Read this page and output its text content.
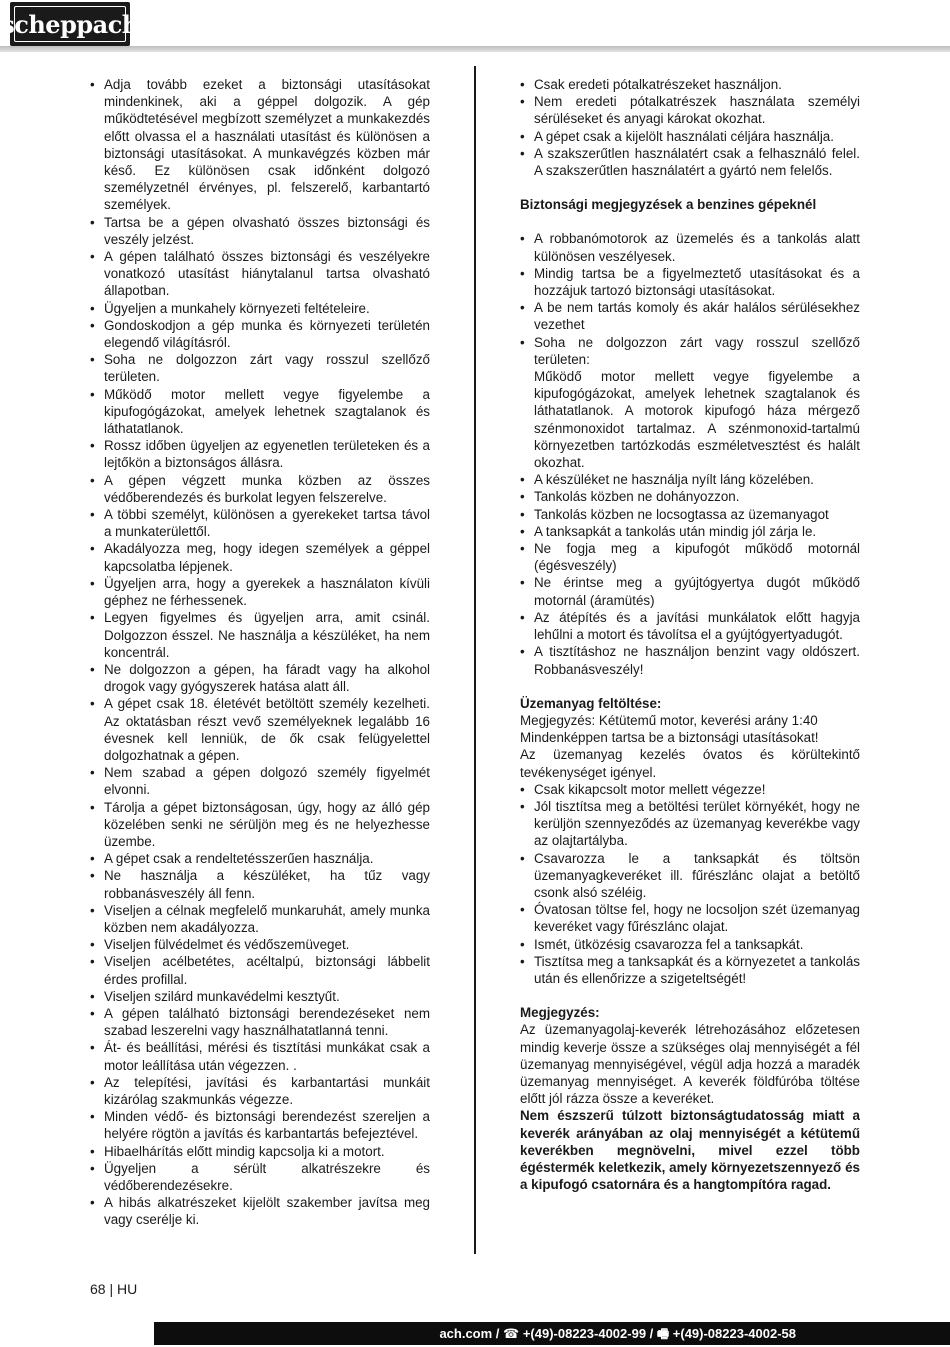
scheppach
• Adja tovább ezeket a biztonsági utasításokat mindenkinek, aki a géppel dolgozik. A gép működtetésével megbízott személyzet a munkakezdés előtt olvassa el a használati utasítást és különösen a biztonsági utasításokat. A munkavégzés közben már késő. Ez különösen csak időnként dolgozó személyzetnél érvényes, pl. felszerelő, karbantartó személyek.
• Tartsa be a gépen olvasható összes biztonsági és veszély jelzést.
• A gépen található összes biztonsági és veszélyekre vonatkozó utasítást hiánytalanul tartsa olvasható állapotban.
• Ügyeljen a munkahely környezeti feltételeire.
• Gondoskodjon a gép munka és környezeti területén elegendő világításról.
• Soha ne dolgozzon zárt vagy rosszul szellőző területen.
• Működő motor mellett vegye figyelembe a kipufogógázokat, amelyek lehetnek szagtalanok és láthatatlanok.
• Rossz időben ügyeljen az egyenetlen területeken és a lejtőkön a biztonságos állásra.
• A gépen végzett munka közben az összes védőberendezés és burkolat legyen felszerelve.
• A többi személyt, különösen a gyerekeket tartsa távol a munkaterülettől.
• Akadályozza meg, hogy idegen személyek a géppel kapcsolatba lépjenek.
• Ügyeljen arra, hogy a gyerekek a használaton kívüli géphez ne férhessenek.
• Legyen figyelmes és ügyeljen arra, amit csinál. Dolgozzon ésszel. Ne használja a készüléket, ha nem koncentrál.
• Ne dolgozzon a gépen, ha fáradt vagy ha alkohol drogok vagy gyógyszerek hatása alatt áll.
• A gépet csak 18. életévét betöltött személy kezelheti. Az oktatásban részt vevő személyeknek legalább 16 évesnek kell lenniük, de ők csak felügyelettel dolgozhatnak a gépen.
• Nem szabad a gépen dolgozó személy figyelmét elvonni.
• Tárolja a gépet biztonságosan, úgy, hogy az álló gép közelében senki ne sérüljön meg és ne helyezhesse üzembe.
• A gépet csak a rendeltetésszerűen használja.
• Ne használja a készüléket, ha tűz vagy robbanásveszély áll fenn.
• Viseljen a célnak megfelelő munkaruhát, amely munka közben nem akadályozza.
• Viseljen fülvédelmet és védőszemüveget.
• Viseljen acélbetétes, acéltalpú, biztonsági lábbelit érdes profillal.
• Viseljen szilárd munkavédelmi kesztyűt.
• A gépen található biztonsági berendezéseket nem szabad leszerelni vagy használhatatlanná tenni.
• Át- és beállítási, mérési és tisztítási munkákat csak a motor leállítása után végezzen. .
• Az telepítési, javítási és karbantartási munkáit kizárólag szakmunkás végezze.
• Minden védő- és biztonsági berendezést szereljen a helyére rögtön a javítás és karbantartás befejeztével.
• Hibaelhárítás előtt mindig kapcsolja ki a motort.
• Ügyeljen a sérült alkatrészekre és védőberendezésekre.
• A hibás alkatrészeket kijelölt szakember javítsa meg vagy cserélje ki.
• Csak eredeti pótalkatrészeket használjon.
• Nem eredeti pótalkatrészek használata személyi sérüléseket és anyagi károkat okozhat.
• A gépet csak a kijelölt használati céljára használja.
• A szakszerűtlen használatért csak a felhasználó felel. A szakszerűtlen használatért a gyártó nem felelős.

Biztonsági megjegyzések a benzines gépeknél

• A robbanómotorok az üzemelés és a tankolás alatt különösen veszélyesek.
• Mindig tartsa be a figyelmeztető utasításokat és a hozzájuk tartozó biztonsági utasításokat.
• A be nem tartás komoly és akár halálos sérülésekhez vezethet
• Soha ne dolgozzon zárt vagy rosszul szellőző területen:
Működő motor mellett vegye figyelembe a kipufogógázokat, amelyek lehetnek szagtalanok és láthatatlanok. A motorok kipufogó háza mérgező szénmonoxidot tartalmaz. A szénmonoxid-tartalmú környezetben tartózkodás eszméletvesztést és halált okozhat.
• A készüléket ne használja nyílt láng közelében.
• Tankolás közben ne dohányozzon.
• Tankolás közben ne locsogtassa az üzemanyagot
• A tanksapkát a tankolás után mindig jól zárja le.
• Ne fogja meg a kipufogót működő motornál (égésveszély)
• Ne érintse meg a gyújtógyertya dugót működő motornál (áramütés)
• Az átépítés és a javítási munkálatok előtt hagyja lehűlni a motort és távolítsa el a gyújtógyertyadugót.
• A tisztításhoz ne használjon benzint vagy oldószert. Robbanásveszély!

Üzemanyag feltöltése:

Megjegyzés: Kétütemű motor, keverési arány 1:40

Mindenképpen tartsa be a biztonsági utasításokat!

Az üzemanyag kezelés óvatos és körültekintő tevékenységet igényel.

• Csak kikapcsolt motor mellett végezze!
• Jól tisztítsa meg a betöltési terület környékét, hogy ne kerüljön szennyeződés az üzemanyag keverékbe vagy az olajtartályba.
• Csavarozza le a tanksapkát és töltsön üzemanyagkeveréket ill. fűrészlánc olajat a betöltő csonk alsó széléig.
• Óvatosan töltse fel, hogy ne locsoljon szét üzemanyag keveréket vagy fűrészlánc olajat.
• Ismét, ütközésig csavarozza fel a tanksapkát.
• Tisztítsa meg a tanksapkát és a környezetet a tankolás után és ellenőrizze a szigeteltségét!

Megjegyzés:

Az üzemanyagolaj-keverék létrehozásához előzetesen mindig keverje össze a szükséges olaj mennyiségét a fél üzemanyag mennyiségével, végül adja hozzá a maradék üzemanyag mennyiséget. A keverék földfúróba töltése előtt jól rázza össze a keveréket.

Nem észszerű túlzott biztonságtudatosság miatt a keverék arányában az olaj mennyiségét a kétütemű keverékben megnövelni, mivel ezzel több égéstermék keletkezik, amely környezetszennyező és a kipufogó csatornára és a hangtompítóra ragad.

68 | HU
ach.com / ☎ +(49)-08223-4002-99 / 🖷 +(49)-08223-4002-58
